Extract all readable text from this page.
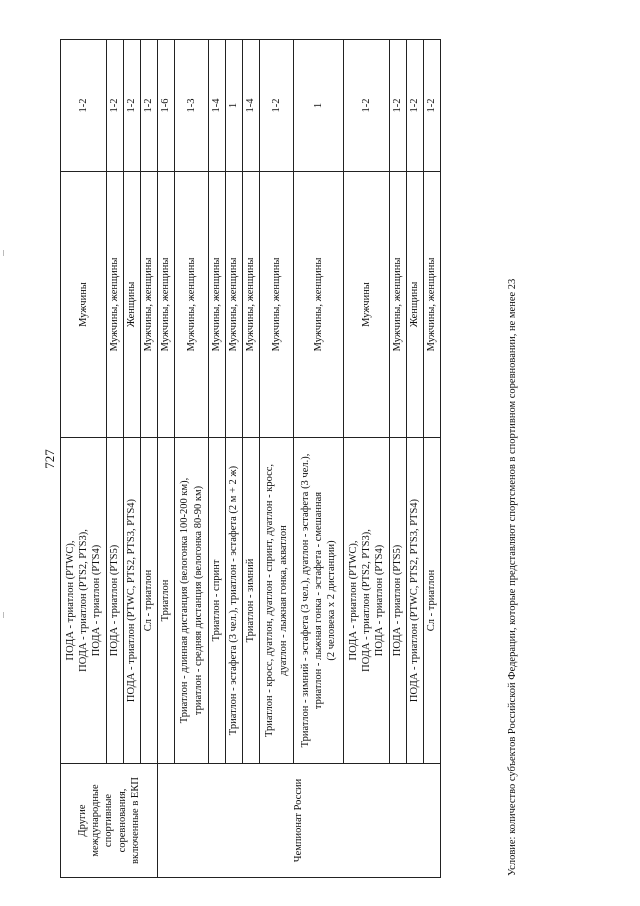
727
Другие международные спортивные соревнования, включенные в ЕКП	ПОДА - триатлон (PTWC),
ПОДА - триатлон (PTS2, PTS3),
ПОДА - триатлон (PTS4)	Мужчины	1-2
	ПОДА - триатлон (PTS5)	Мужчины, женщины	1-2
	ПОДА - триатлон (PTWC, PTS2, PTS3, PTS4)	Женщины	1-2
	Сл - триатлон	Мужчины, женщины	1-2
Чемпионат России	Триатлон	Мужчины, женщины	1-6
	Триатлон - длинная дистанция (велогонка 100-200 км),
триатлон - средняя дистанция (велогонка 80-90 км)	Мужчины, женщины	1-3
	Триатлон - спринт	Мужчины, женщины	1-4
	Триатлон - эстафета (3 чел.), триатлон - эстафета (2 м + 2 ж)	Мужчины, женщины	1
	Триатлон - зимний	Мужчины, женщины	1-4
	Триатлон - кросс, дуатлон, дуатлон - спринт, дуатлон - кросс,
дуатлон - лыжная гонка, акватлон	Мужчины, женщины	1-2
	Триатлон - зимний - эстафета (3 чел.), дуатлон - эстафета (3 чел.),
триатлон - лыжная гонка - эстафета - смешанная
(2 человека х 2 дистанции)	Мужчины, женщины	1
	ПОДА - триатлон (PTWC),
ПОДА - триатлон (PTS2, PTS3),
ПОДА - триатлон (PTS4)	Мужчины	1-2
	ПОДА - триатлон (PTS5)	Мужчины, женщины	1-2
	ПОДА - триатлон (PTWC, PTS2, PTS3, PTS4)	Женщины	1-2
	Сл - триатлон	Мужчины, женщины	1-2
Условие: количество субъектов Российской Федерации, которые представляют спортсменов в спортивном соревновании, не менее 23
